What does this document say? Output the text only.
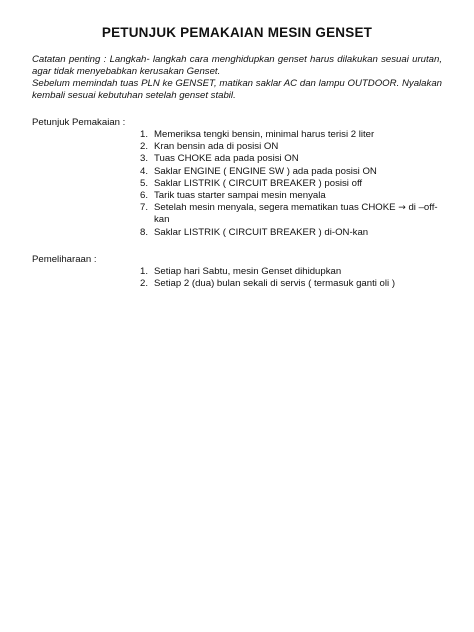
PETUNJUK PEMAKAIAN MESIN GENSET

Catatan penting : Langkah- langkah cara menghidupkan genset harus dilakukan sesuai urutan, agar tidak menyebabkan kerusakan Genset.

Sebelum memindah tuas PLN ke GENSET, matikan saklar AC dan lampu OUTDOOR. Nyalakan kembali sesuai kebutuhan setelah genset stabil.

Petunjuk Pemakaian :
1. Memeriksa tengki bensin, minimal harus terisi 2 liter
2. Kran bensin ada di posisi ON
3. Tuas CHOKE ada pada posisi ON
4. Saklar ENGINE ( ENGINE SW ) ada pada posisi ON
5. Saklar LISTRIK ( CIRCUIT BREAKER ) posisi off
6. Tarik tuas starter sampai mesin menyala
7. Setelah mesin menyala, segera mematikan tuas CHOKE → di –off-kan
8. Saklar LISTRIK ( CIRCUIT BREAKER ) di-ON-kan
Pemeliharaan :
1. Setiap hari Sabtu, mesin Genset dihidupkan
2. Setiap 2 (dua) bulan sekali di servis ( termasuk ganti oli )
